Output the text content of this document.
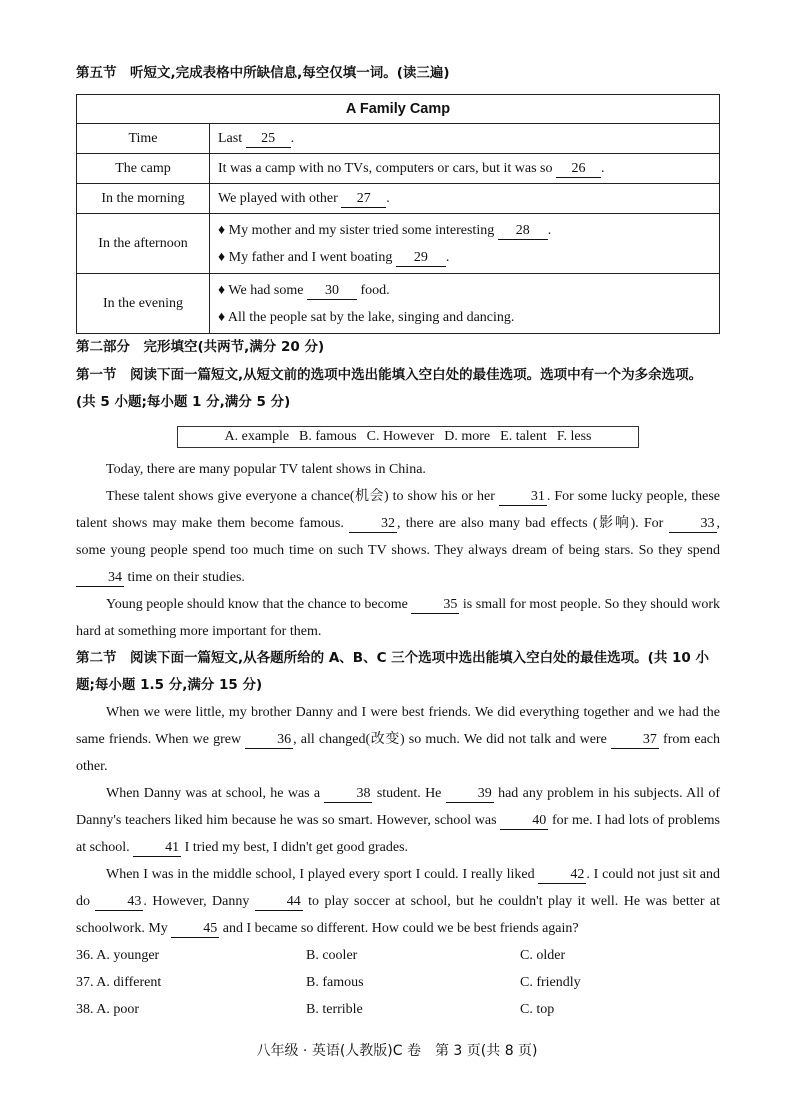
第五节　听短文,完成表格中所缺信息,每空仅填一词。(读三遍)
A Family Camp	
Time	Last 25 .
The camp	It was a camp with no TVs, computers or cars, but it was so 26 .
In the morning	We played with other 27 .
In the afternoon	♦ My mother and my sister tried some interesting 28 .
♦ My father and I went boating 29 .

In the evening	♦ We had some 30 food.
♦ All the people sat by the lake, singing and dancing.
第二部分　完形填空(共两节,满分 20 分)
第一节　阅读下面一篇短文,从短文前的选项中选出能填入空白处的最佳选项。选项中有一个为多余选项。(共 5 小题;每小题 1 分,满分 5 分)
A. example B. famous C. However D. more E. talent F. less

Today, there are many popular TV talent shows in China.

These talent shows give everyone a chance(机会) to show his or her	31 . For some lucky people, these talent shows may make them become famous.	32 , there are also many bad effects (影响). For	33 , some young people spend too much time on such TV shows. They always dream of being stars. So they spend 34 time on their studies.

Young people should know that the chance to become	35 is small for most people. So they should work hard at something more important for them.

第二节　阅读下面一篇短文,从各题所给的 A、B、C 三个选项中选出能填入空白处的最佳选项。(共 10 小题;每小题 1.5 分,满分 15 分)

When we were little, my brother Danny and I were best friends. We did everything together and we had the same friends. When we grew	36 , all changed(改变) so much. We did not talk and were	37 from each other.

When Danny was at school, he was a	38 student. He	39 had any problem in his subjects. All of Danny's teachers liked him because he was so smart. However, school was	40 for me. I had lots of problems at school.	41 I tried my best, I didn't get good grades.

When I was in the middle school, I played every sport I could. I really liked	42 . I could not just sit and do	43 . However, Danny	44 to play soccer at school, but he couldn't play it well. He was better at schoolwork. My	45 and I became so different. How could we be best friends again?

36. A. younger	B. cooler	C. older
37. A. different	B. famous	C. friendly
38. A. poor	B. terrible	C. top
八年级 · 英语(人教版)C 卷　第 3 页(共 8 页)
